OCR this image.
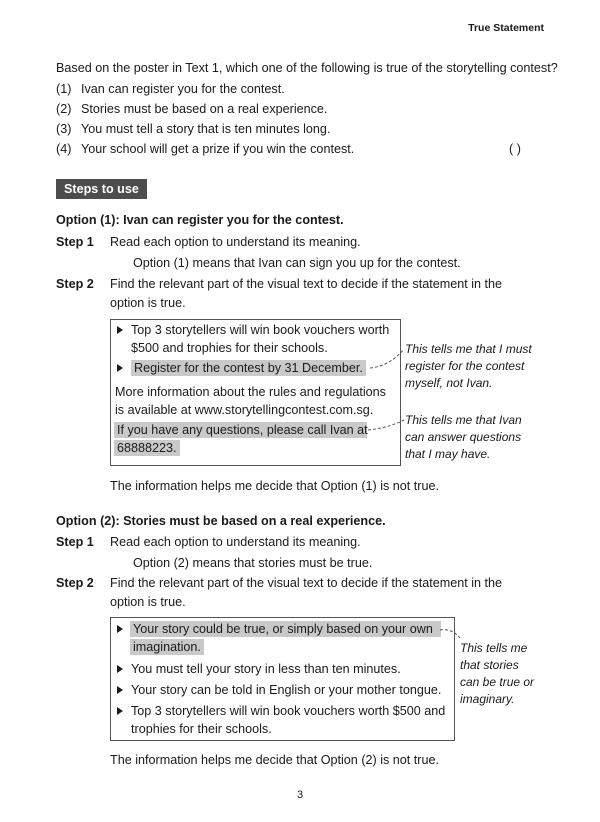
True Statement
Based on the poster in Text 1, which one of the following is true of the storytelling contest?
(1) Ivan can register you for the contest.
(2) Stories must be based on a real experience.
(3) You must tell a story that is ten minutes long.
(4) Your school will get a prize if you win the contest.	( )
Steps to use
Option (1): Ivan can register you for the contest.
Step 1 Read each option to understand its meaning.
Option (1) means that Ivan can sign you up for the contest.
Step 2 Find the relevant part of the visual text to decide if the statement in the
option is true.
Top 3 storytellers will win book vouchers worth
$500 and trophies for their schools.
Register for the contest by 31 December.
More information about the rules and regulations
is available at www.storytellingcontest.com.sg.
If you have any questions, please call Ivan at
68888223.
This tells me that I must
register for the contest
myself, not Ivan.
This tells me that Ivan
can answer questions
that I may have.
The information helps me decide that Option (1) is not true.
Option (2): Stories must be based on a real experience.
Step 1 Read each option to understand its meaning.
Option (2) means that stories must be true.
Step 2 Find the relevant part of the visual text to decide if the statement in the
option is true.
Your story could be true, or simply based on your own
imagination.
You must tell your story in less than ten minutes.
Your story can be told in English or your mother tongue.
Top 3 storytellers will win book vouchers worth $500 and
trophies for their schools.
This tells me
that stories
can be true or
imaginary.
The information helps me decide that Option (2) is not true.
3
